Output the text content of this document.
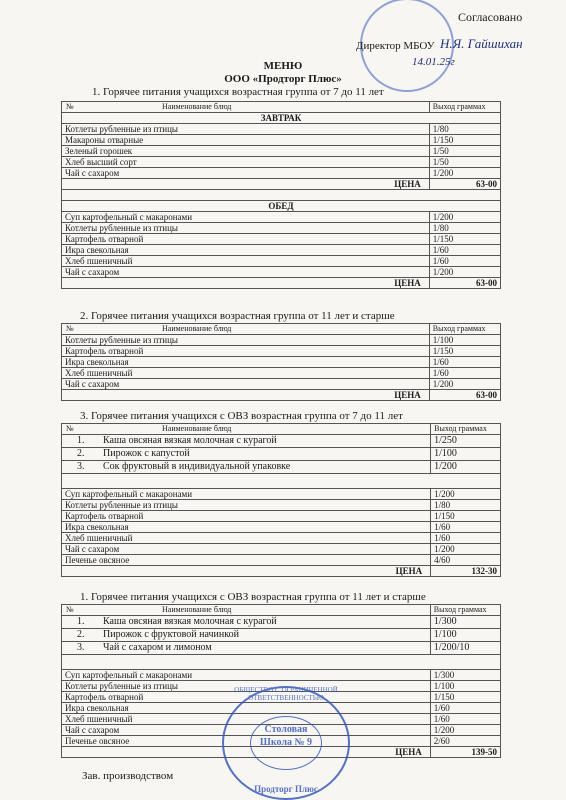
Согласовано
Директор МБОУ Н.Я. Гайшихан
14.01.25г
МЕНЮ
ООО «Продторг Плюс»
1. Горячее питания учащихся возрастная группа от 7 до 11 лет
№ Наименование блюд	Выход граммах
ЗАВТРАК	
Котлеты рубленные из птицы	1/80
Макароны отварные	1/150
Зеленый горошек	1/50
Хлеб высший сорт	1/50
Чай с сахаром	1/200
ЦЕНА	63-00

ОБЕД	
Суп картофельный с макаронами	1/200
Котлеты рубленные из птицы	1/80
Картофель отварной	1/150
Икра свекольная	1/60
Хлеб пшеничный	1/60
Чай с сахаром	1/200
ЦЕНА	63-00
2. Горячее питания учащихся возрастная группа от 11 лет и старше
№ Наименование блюд	Выход граммах
Котлеты рубленные из птицы	1/100
Картофель отварной	1/150
Икра свекольная	1/60
Хлеб пшеничный	1/60
Чай с сахаром	1/200
ЦЕНА	63-00
3. Горячее питания учащихся с ОВЗ возрастная группа от 7 до 11 лет
№ Наименование блюд	Выход граммах
1. Каша овсяная вязкая молочная с курагой	1/250
2. Пирожок с капустой	1/100
3. Сок фруктовый в индивидуальной упаковке	1/200

Суп картофельный с макаронами	1/200
Котлеты рубленные из птицы	1/80
Картофель отварной	1/150
Икра свекольная	1/60
Хлеб пшеничный	1/60
Чай с сахаром	1/200
Печенье овсяное	4/60
ЦЕНА	132-30
1. Горячее питания учащихся с ОВЗ возрастная группа от 11 лет и старше
№ Наименование блюд	Выход граммах
1. Каша овсяная вязкая молочная с курагой	1/300
2. Пирожок с фруктовой начинкой	1/100
3. Чай с сахаром и лимоном	1/200/10

Суп картофельный с макаронами	1/300
Котлеты рубленные из птицы	1/100
Картофель отварной	1/150
Икра свекольная	1/60
Хлеб пшеничный	1/60
Чай с сахаром	1/200
Печенье овсяное	2/60
ЦЕНА	139-50
Зав. производством
ОБЩЕСТВО С ОГРАНИЧЕННОЙ ОТВЕТСТВЕННОСТЬЮ
Столовая Школа № 9
Продторг Плюс
